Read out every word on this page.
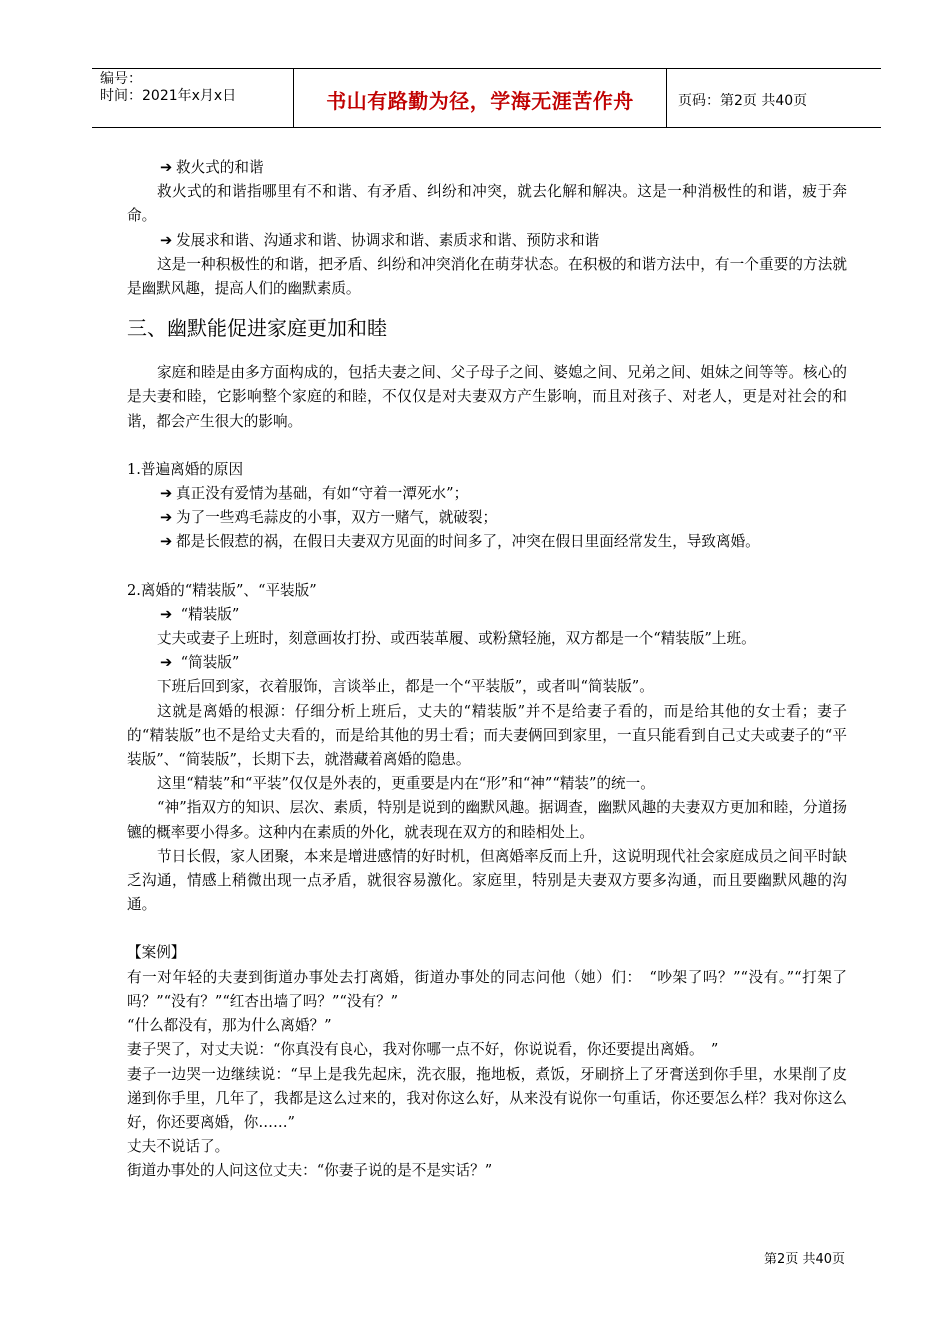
编号：
时间：2021年x月x日	书山有路勤为径，学海无涯苦作舟	页码：第2页 共40页

➔ 救火式的和谐

救火式的和谐指哪里有不和谐、有矛盾、纠纷和冲突，就去化解和解决。这是一种消极性的和谐，疲于奔命。

➔ 发展求和谐、沟通求和谐、协调求和谐、素质求和谐、预防求和谐

这是一种积极性的和谐，把矛盾、纠纷和冲突消化在萌芽状态。在积极的和谐方法中，有一个重要的方法就是幽默风趣，提高人们的幽默素质。

三、幽默能促进家庭更加和睦

家庭和睦是由多方面构成的，包括夫妻之间、父子母子之间、婆媳之间、兄弟之间、姐妹之间等等。核心的是夫妻和睦，它影响整个家庭的和睦，不仅仅是对夫妻双方产生影响，而且对孩子、对老人，更是对社会的和谐，都会产生很大的影响。

1.普遍离婚的原因

➔ 真正没有爱情为基础，有如“守着一潭死水”；

➔ 为了一些鸡毛蒜皮的小事，双方一赌气，就破裂；

➔ 都是长假惹的祸，在假日夫妻双方见面的时间多了，冲突在假日里面经常发生，导致离婚。

2.离婚的“精装版”、“平装版”

➔ “精装版”

丈夫或妻子上班时，刻意画妆打扮、或西装革履、或粉黛轻施，双方都是一个“精装版”上班。

➔ “简装版”

下班后回到家，衣着服饰，言谈举止，都是一个“平装版”，或者叫“简装版”。

这就是离婚的根源：仔细分析上班后，丈夫的“精装版”并不是给妻子看的，而是给其他的女士看；妻子的“精装版”也不是给丈夫看的，而是给其他的男士看；而夫妻俩回到家里，一直只能看到自己丈夫或妻子的“平装版”、“简装版”，长期下去，就潜藏着离婚的隐患。

这里“精装”和“平装”仅仅是外表的，更重要是内在“形”和“神”“精装”的统一。

“神”指双方的知识、层次、素质，特别是说到的幽默风趣。据调查，幽默风趣的夫妻双方更加和睦，分道扬镳的概率要小得多。这种内在素质的外化，就表现在双方的和睦相处上。

节日长假，家人团聚，本来是增进感情的好时机，但离婚率反而上升，这说明现代社会家庭成员之间平时缺乏沟通，情感上稍微出现一点矛盾，就很容易激化。家庭里，特别是夫妻双方要多沟通，而且要幽默风趣的沟通。

【案例】

有一对年轻的夫妻到街道办事处去打离婚，街道办事处的同志问他（她）们：　“吵架了吗？”“没有。”“打架了吗？”“没有？”“红杏出墙了吗？”“没有？”

“什么都没有，那为什么离婚？”

妻子哭了，对丈夫说：“你真没有良心，我对你哪一点不好，你说说看，你还要提出离婚。　”

妻子一边哭一边继续说：“早上是我先起床，洗衣服，拖地板，煮饭，牙刷挤上了牙膏送到你手里，水果削了皮递到你手里，几年了，我都是这么过来的，我对你这么好，从来没有说你一句重话，你还要怎么样？我对你这么好，你还要离婚，你……”

丈夫不说话了。

街道办事处的人问这位丈夫：“你妻子说的是不是实话？”

第2页 共40页
